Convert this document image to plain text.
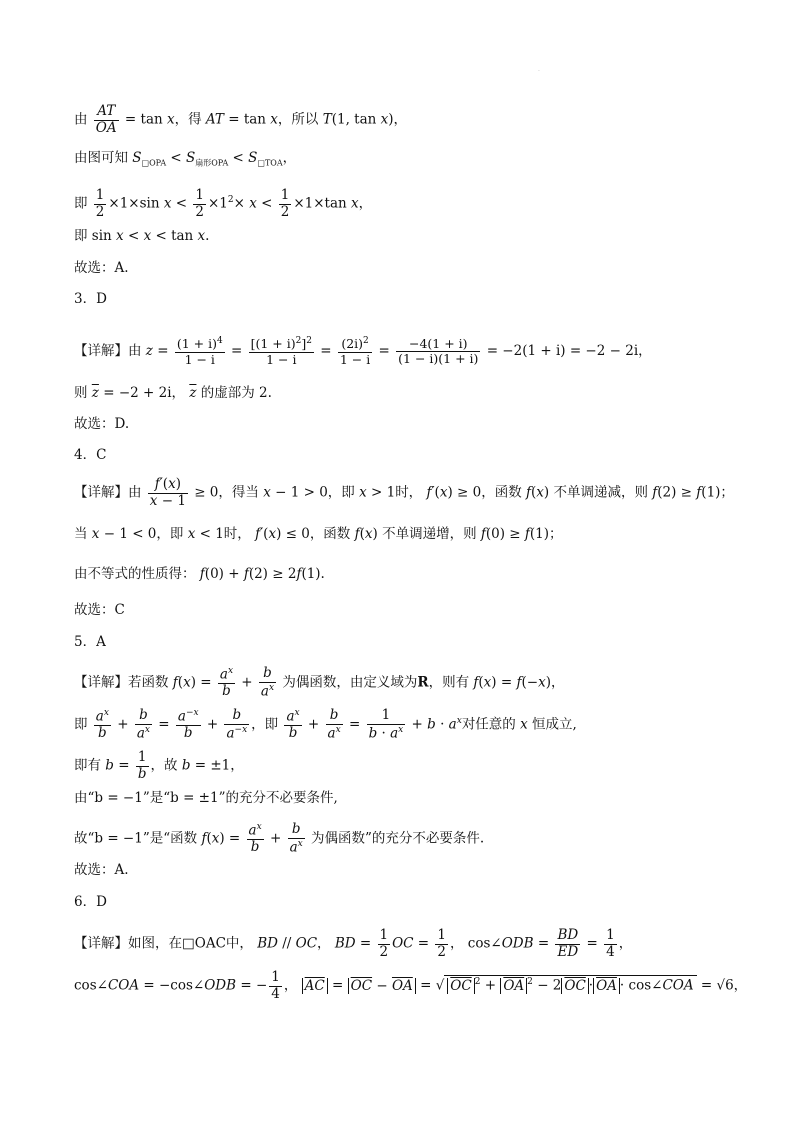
·
由 $\frac{AT}{OA} = \tan x$，得 AT = tan x，所以 T(1, tan x)，
由图可知 $S_{□OPA} < S_{扇形OPA} < S_{□TOA}$，
即 $\frac{1}{2} \times 1\times\sin$ $x < \frac{1}{2} \times 1^2\times x < \frac{1}{2} \times 1\times\tan$ x，
即 sin x < x < tan x.
故选：A.
3．D
【详解】由 $z = \frac{(1 + i)^4}{1 - i} = \frac{[(1 + i)^2]^2}{1 - i} = \frac{(2i)^2}{1 - i} = \frac{-4(1 + i)}{(1 - i)(1 + i)} = -2(1 + i) = -2 - 2i$，
则 $\overline{z} = -2 + 2i$， $\overline{z}$ 的虚部为 2.
故选：D.
4．C
【详解】由 $\frac{f'(x)}{x - 1} \ge 0$，得当 x − 1 > 0，即 x > 1时， f′(x) ≥ 0，函数 f(x) 不单调递减，则 f(2) ≥ f(1)；
当 x − 1 < 0，即 x < 1时， f′(x) ≤ 0，函数 f(x) 不单调递增，则 f(0) ≥ f(1)；
由不等式的性质得： f(0) + f(2) ≥ 2f(1).
故选：C
5．A
【详解】若函数 $f(x) = \frac{a^x}{b} + \frac{b}{a^x}$ 为偶函数，由定义域为R，则有 f(x) = f(−x)，
即 $\frac{a^x}{b} + \frac{b}{a^x} = \frac{a^{-x}}{b} + \frac{b}{a^{-x}}$ ，即 $\frac{a^x}{b} + \frac{b}{a^x} = \frac{1}{b \cdot a^x} + b \cdot a^x$对任意的 x 恒成立,
即有 $b = \frac{1}{b}$ ，故 b = ±1，
由“b = −1”是“b = ±1”的充分不必要条件,
故“b = −1”是“函数 $f(x) = \frac{a^x}{b} + \frac{b}{a^x}$ 为偶函数”的充分不必要条件.
故选：A.
6．D
【详解】如图，在□OAC中， BD // OC， BD = $\frac{1}{2}$ OC = $\frac{1}{2}$ ， cos∠ODB = $\frac{BD}{ED} = \frac{1}{4}$ ，
cos∠COA = −cos∠ODB = − $\frac{1}{4}$ ， $\overline{AC} = \overline{OC} - \overline{OA}$ = √ OC $^2 + \overline{OA}$ $^2$ − 2 $\overline{OC} \cdot \overline{OA}$ · cos∠COA = √6，
